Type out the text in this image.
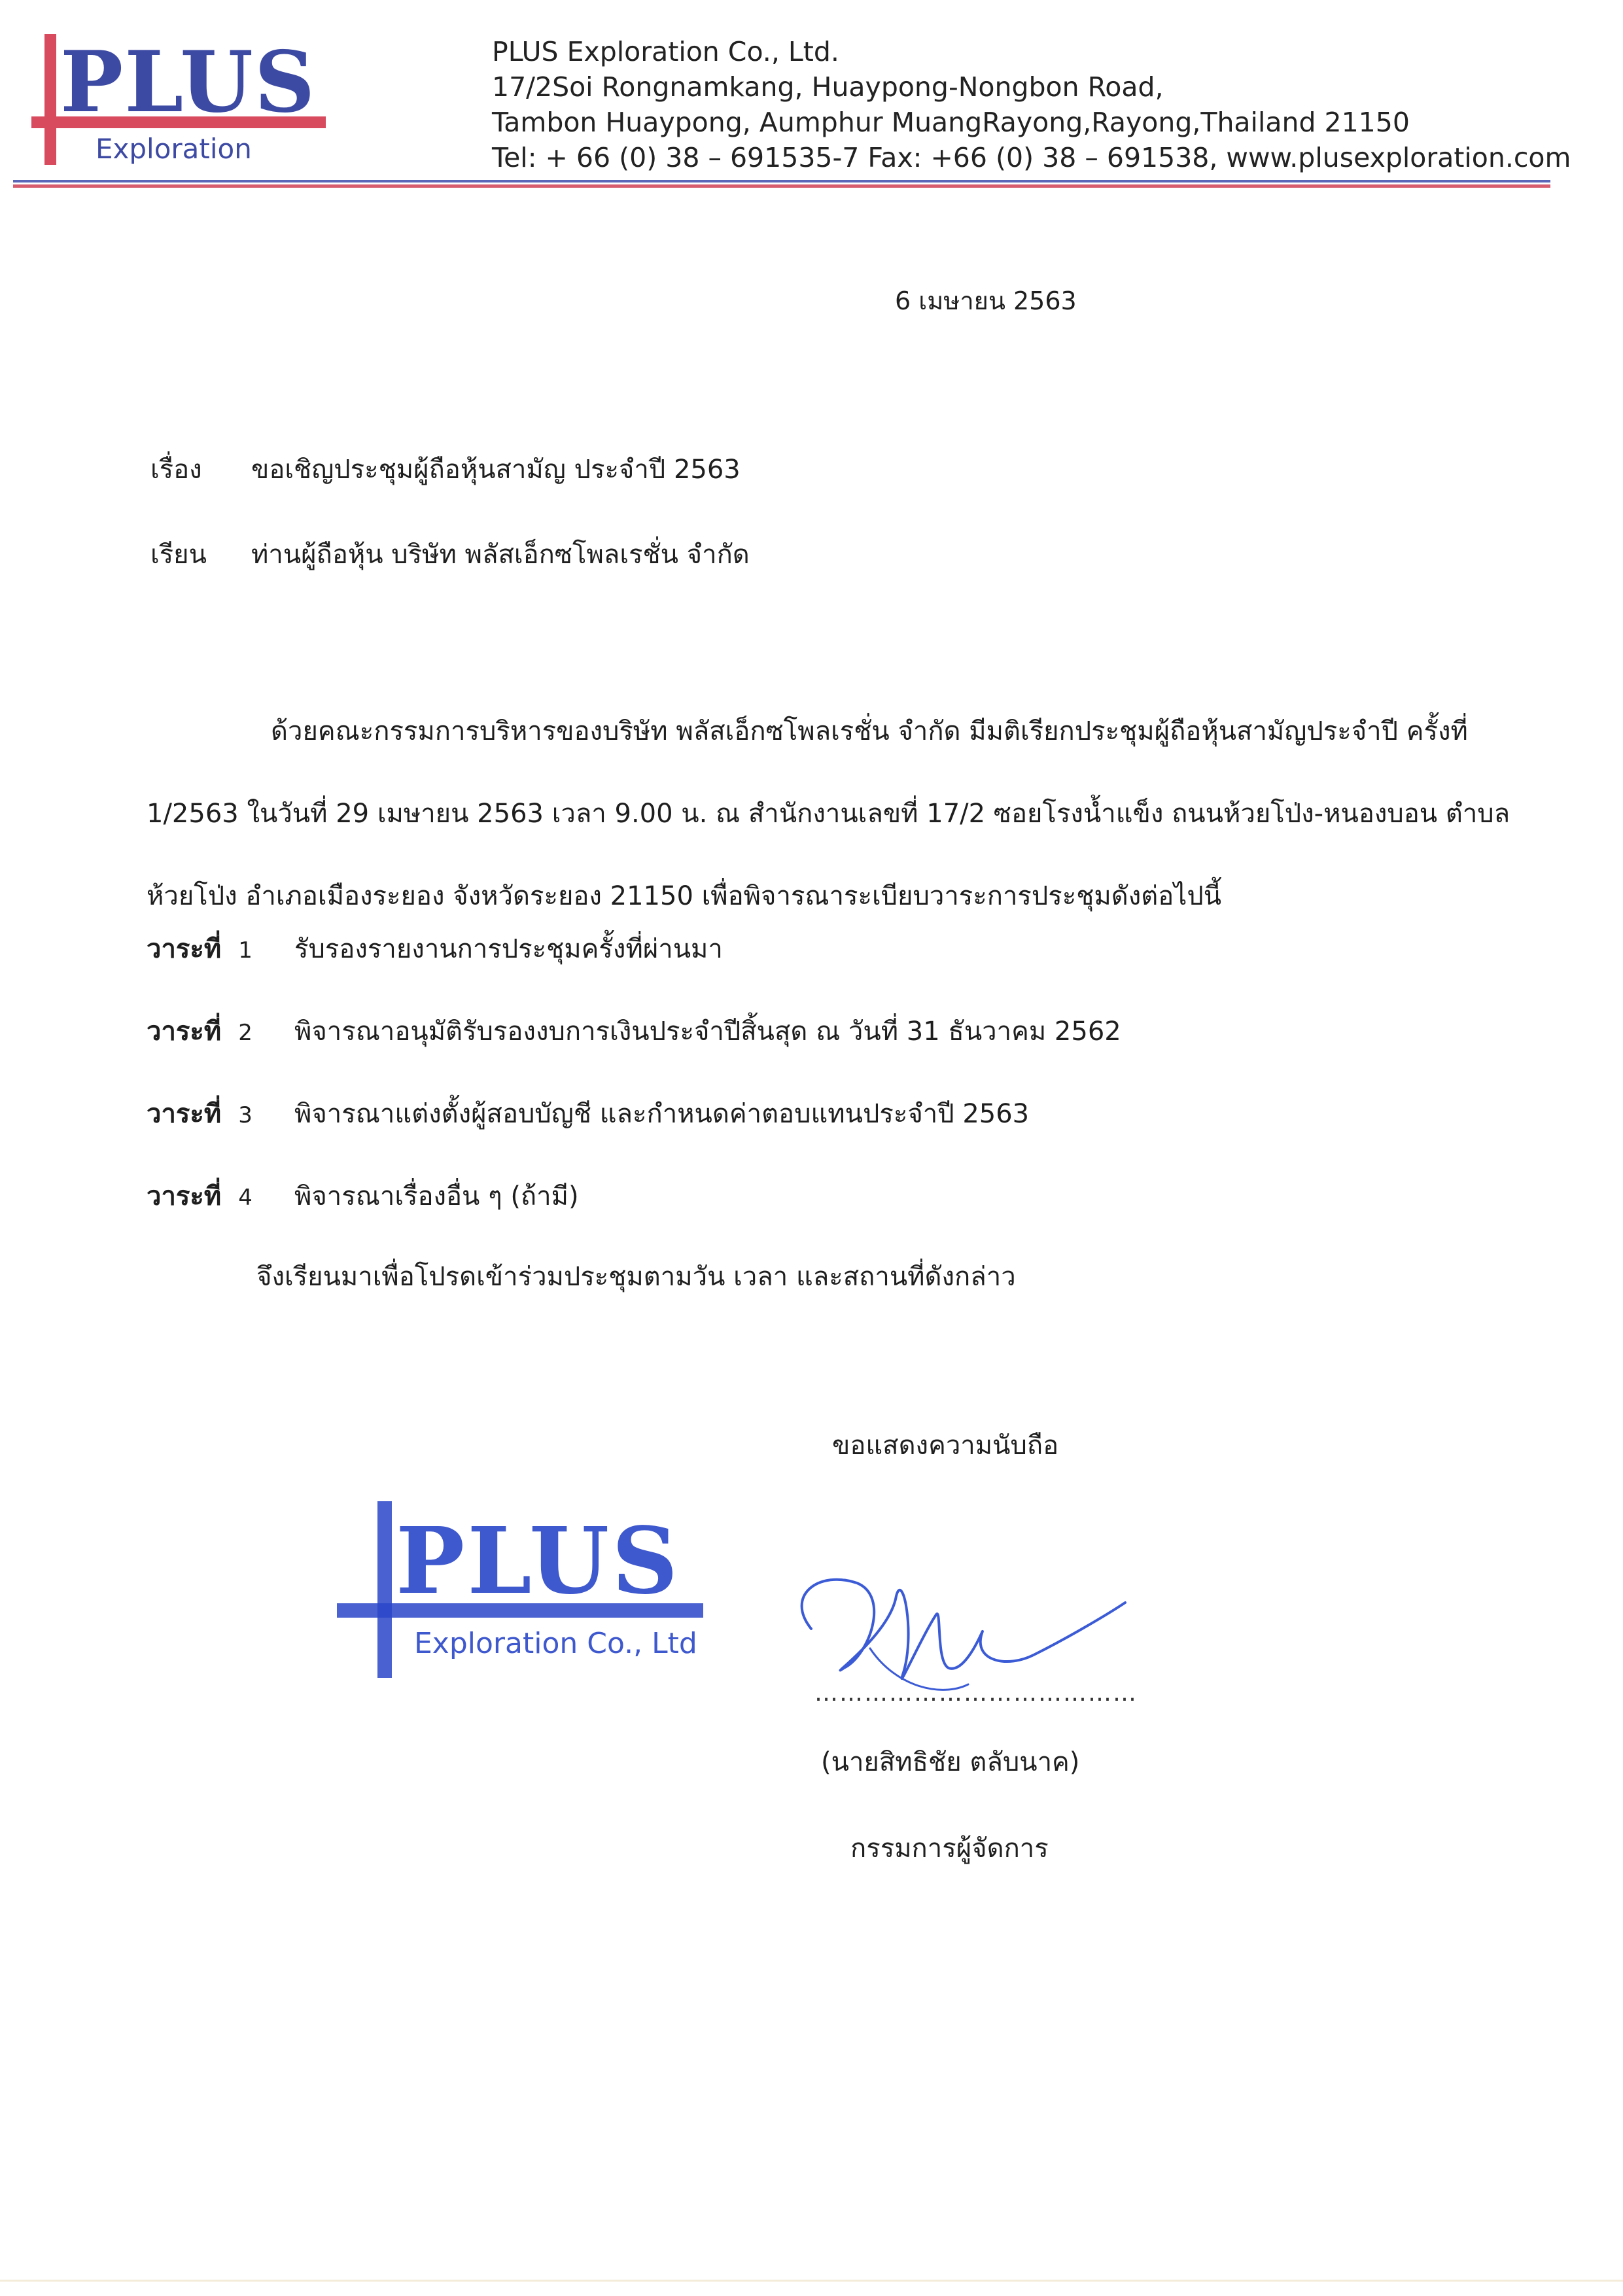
PLUS
Exploration
PLUS Exploration Co., Ltd.
17/2Soi Rongnamkang, Huaypong-Nongbon Road,
Tambon Huaypong, Aumphur MuangRayong,Rayong,Thailand 21150
Tel: + 66 (0) 38 – 691535-7 Fax: +66 (0) 38 – 691538, www.plusexploration.com
6 เมษายน 2563
เรื่อง ขอเชิญประชุมผู้ถือหุ้นสามัญ ประจำปี 2563
เรียน ท่านผู้ถือหุ้น บริษัท พลัสเอ็กซโพลเรชั่น จำกัด
ด้วยคณะกรรมการบริหารของบริษัท พลัสเอ็กซโพลเรชั่น จำกัด มีมติเรียกประชุมผู้ถือหุ้นสามัญประจำปี ครั้งที่ 1/2563 ในวันที่ 29 เมษายน 2563 เวลา 9.00 น. ณ สำนักงานเลขที่ 17/2 ซอยโรงน้ำแข็ง ถนนห้วยโป่ง-หนองบอน ตำบลห้วยโป่ง อำเภอเมืองระยอง จังหวัดระยอง 21150 เพื่อพิจารณาระเบียบวาระการประชุมดังต่อไปนี้
วาระที่ 1 รับรองรายงานการประชุมครั้งที่ผ่านมา
วาระที่ 2 พิจารณาอนุมัติรับรองงบการเงินประจำปีสิ้นสุด ณ วันที่ 31 ธันวาคม 2562
วาระที่ 3 พิจารณาแต่งตั้งผู้สอบบัญชี และกำหนดค่าตอบแทนประจำปี 2563
วาระที่ 4 พิจารณาเรื่องอื่น ๆ (ถ้ามี)
จึงเรียนมาเพื่อโปรดเข้าร่วมประชุมตามวัน เวลา และสถานที่ดังกล่าว
ขอแสดงความนับถือ
PLUS
Exploration Co., Ltd
…………………………………
(นายสิทธิชัย ตลับนาค)
กรรมการผู้จัดการ
